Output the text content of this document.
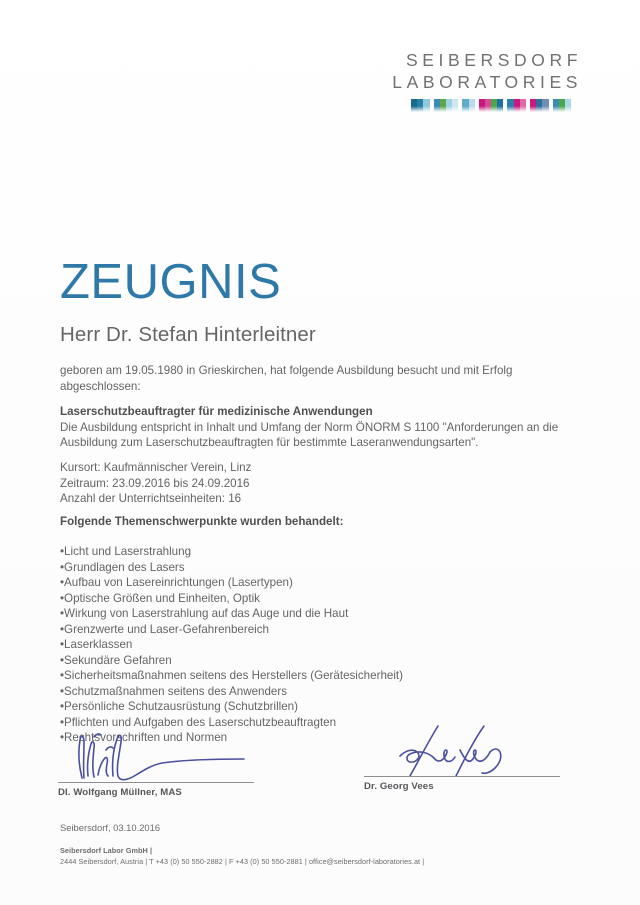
SEIBERSDORF
LABORATORIES
ZEUGNIS
Herr Dr. Stefan Hinterleitner
geboren am 19.05.1980 in Grieskirchen, hat folgende Ausbildung besucht und mit Erfolg
abgeschlossen:
Laserschutzbeauftragter für medizinische Anwendungen
Die Ausbildung entspricht in Inhalt und Umfang der Norm ÖNORM S 1100 "Anforderungen an die
Ausbildung zum Laserschutzbeauftragten für bestimmte Laseranwendungsarten".
Kursort: Kaufmännischer Verein, Linz
Zeitraum: 23.09.2016 bis 24.09.2016
Anzahl der Unterrichtseinheiten: 16
Folgende Themenschwerpunkte wurden behandelt:
•Licht und Laserstrahlung
•Grundlagen des Lasers
•Aufbau von Lasereinrichtungen (Lasertypen)
•Optische Größen und Einheiten, Optik
•Wirkung von Laserstrahlung auf das Auge und die Haut
•Grenzwerte und Laser-Gefahrenbereich
•Laserklassen
•Sekundäre Gefahren
•Sicherheitsmaßnahmen seitens des Herstellers (Gerätesicherheit)
•Schutzmaßnahmen seitens des Anwenders
•Persönliche Schutzausrüstung (Schutzbrillen)
•Pflichten und Aufgaben des Laserschutzbeauftragten
•Rechtsvorschriften und Normen
DI. Wolfgang Müllner, MAS
Dr. Georg Vees
Seibersdorf, 03.10.2016
Seibersdorf Labor GmbH |
2444 Seibersdorf, Austria | T +43 (0) 50 550-2882 | F +43 (0) 50 550-2881 | office@seibersdorf-laboratories.at |
